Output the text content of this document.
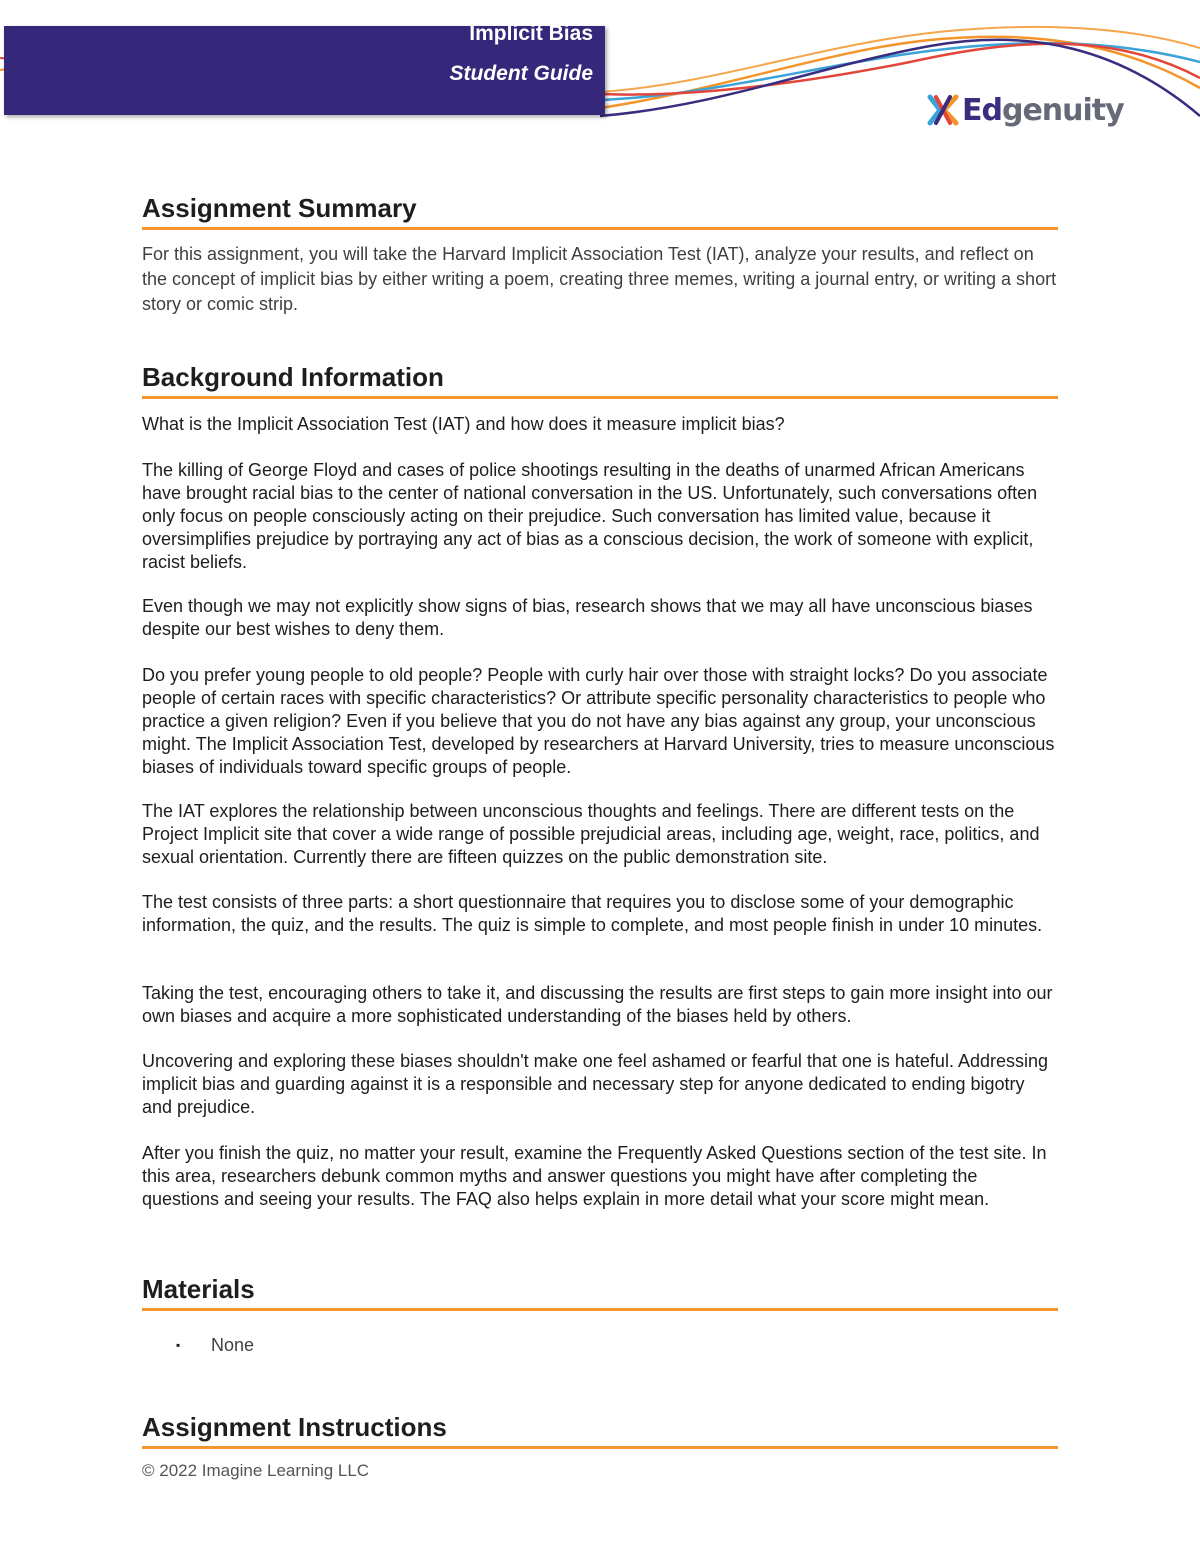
Implicit Bias
Student Guide
Edgenuity
Assignment Summary

For this assignment, you will take the Harvard Implicit Association Test (IAT), analyze your results, and reflect on the concept of implicit bias by either writing a poem, creating three memes, writing a journal entry, or writing a short story or comic strip.

Background Information

What is the Implicit Association Test (IAT) and how does it measure implicit bias?

The killing of George Floyd and cases of police shootings resulting in the deaths of unarmed African Americans have brought racial bias to the center of national conversation in the US. Unfortunately, such conversations often only focus on people consciously acting on their prejudice. Such conversation has limited value, because it oversimplifies prejudice by portraying any act of bias as a conscious decision, the work of someone with explicit, racist beliefs.

Even though we may not explicitly show signs of bias, research shows that we may all have unconscious biases despite our best wishes to deny them.

Do you prefer young people to old people? People with curly hair over those with straight locks? Do you associate people of certain races with specific characteristics? Or attribute specific personality characteristics to people who practice a given religion? Even if you believe that you do not have any bias against any group, your unconscious might. The Implicit Association Test, developed by researchers at Harvard University, tries to measure unconscious biases of individuals toward specific groups of people.

The IAT explores the relationship between unconscious thoughts and feelings. There are different tests on the Project Implicit site that cover a wide range of possible prejudicial areas, including age, weight, race, politics, and sexual orientation. Currently there are fifteen quizzes on the public demonstration site.

The test consists of three parts: a short questionnaire that requires you to disclose some of your demographic information, the quiz, and the results. The quiz is simple to complete, and most people finish in under 10 minutes.

Taking the test, encouraging others to take it, and discussing the results are first steps to gain more insight into our own biases and acquire a more sophisticated understanding of the biases held by others.

Uncovering and exploring these biases shouldn't make one feel ashamed or fearful that one is hateful. Addressing implicit bias and guarding against it is a responsible and necessary step for anyone dedicated to ending bigotry and prejudice.

After you finish the quiz, no matter your result, examine the Frequently Asked Questions section of the test site. In this area, researchers debunk common myths and answer questions you might have after completing the questions and seeing your results. The FAQ also helps explain in more detail what your score might mean.

Materials
▪ None
Assignment Instructions
© 2022 Imagine Learning LLC
